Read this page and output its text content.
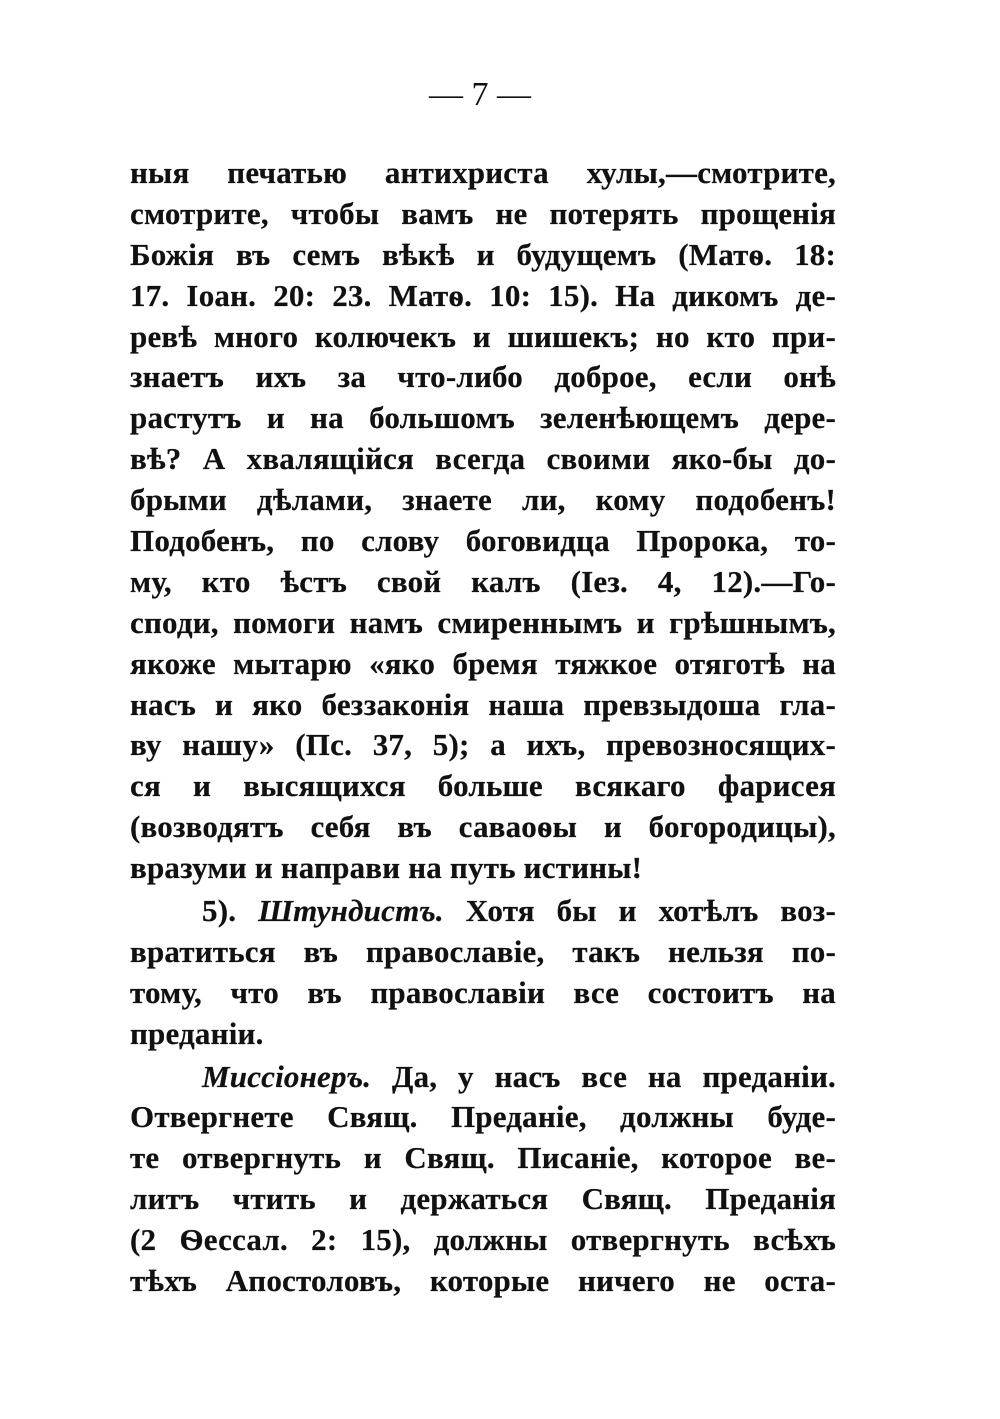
— 7 —
ныя печатью антихриста хулы,—смотрите,
смотрите, чтобы вамъ не потерять прощенія
Божія въ семъ вѣкѣ и будущемъ (Матѳ. 18:
17. Іоан. 20: 23. Матѳ. 10: 15). На дикомъ де-
ревѣ много колючекъ и шишекъ; но кто при-
знаетъ ихъ за что-либо доброе, если онѣ
растутъ и на большомъ зеленѣющемъ дере-
вѣ? А хвалящійся всегда своими яко-бы до-
брыми дѣлами, знаете ли, кому подобенъ!
Подобенъ, по слову боговидца Пророка, то-
му, кто ѣстъ свой калъ (Іез. 4, 12).—Го-
споди, помоги намъ смиреннымъ и грѣшнымъ,
якоже мытарю «яко бремя тяжкое отяготѣ на
насъ и яко беззаконія наша превзыдоша гла-
ву нашу» (Пс. 37, 5); а ихъ, превозносящих-
ся и высящихся больше всякаго фарисея
(возводятъ себя въ саваоѳы и богородицы),
вразуми и направи на путь истины!
5). Штундистъ. Хотя бы и хотѣлъ воз-
вратиться въ православіе, такъ нельзя по-
тому, что въ православіи все состоитъ на
преданіи.
Миссіонеръ. Да, у насъ все на преданіи.
Отвергнете Свящ. Преданіе, должны буде-
те отвергнуть и Свящ. Писаніе, которое ве-
литъ чтить и держаться Свящ. Преданія
(2 Ѳессал. 2: 15), должны отвергнуть всѣхъ
тѣхъ Апостоловъ, которые ничего не оста-
